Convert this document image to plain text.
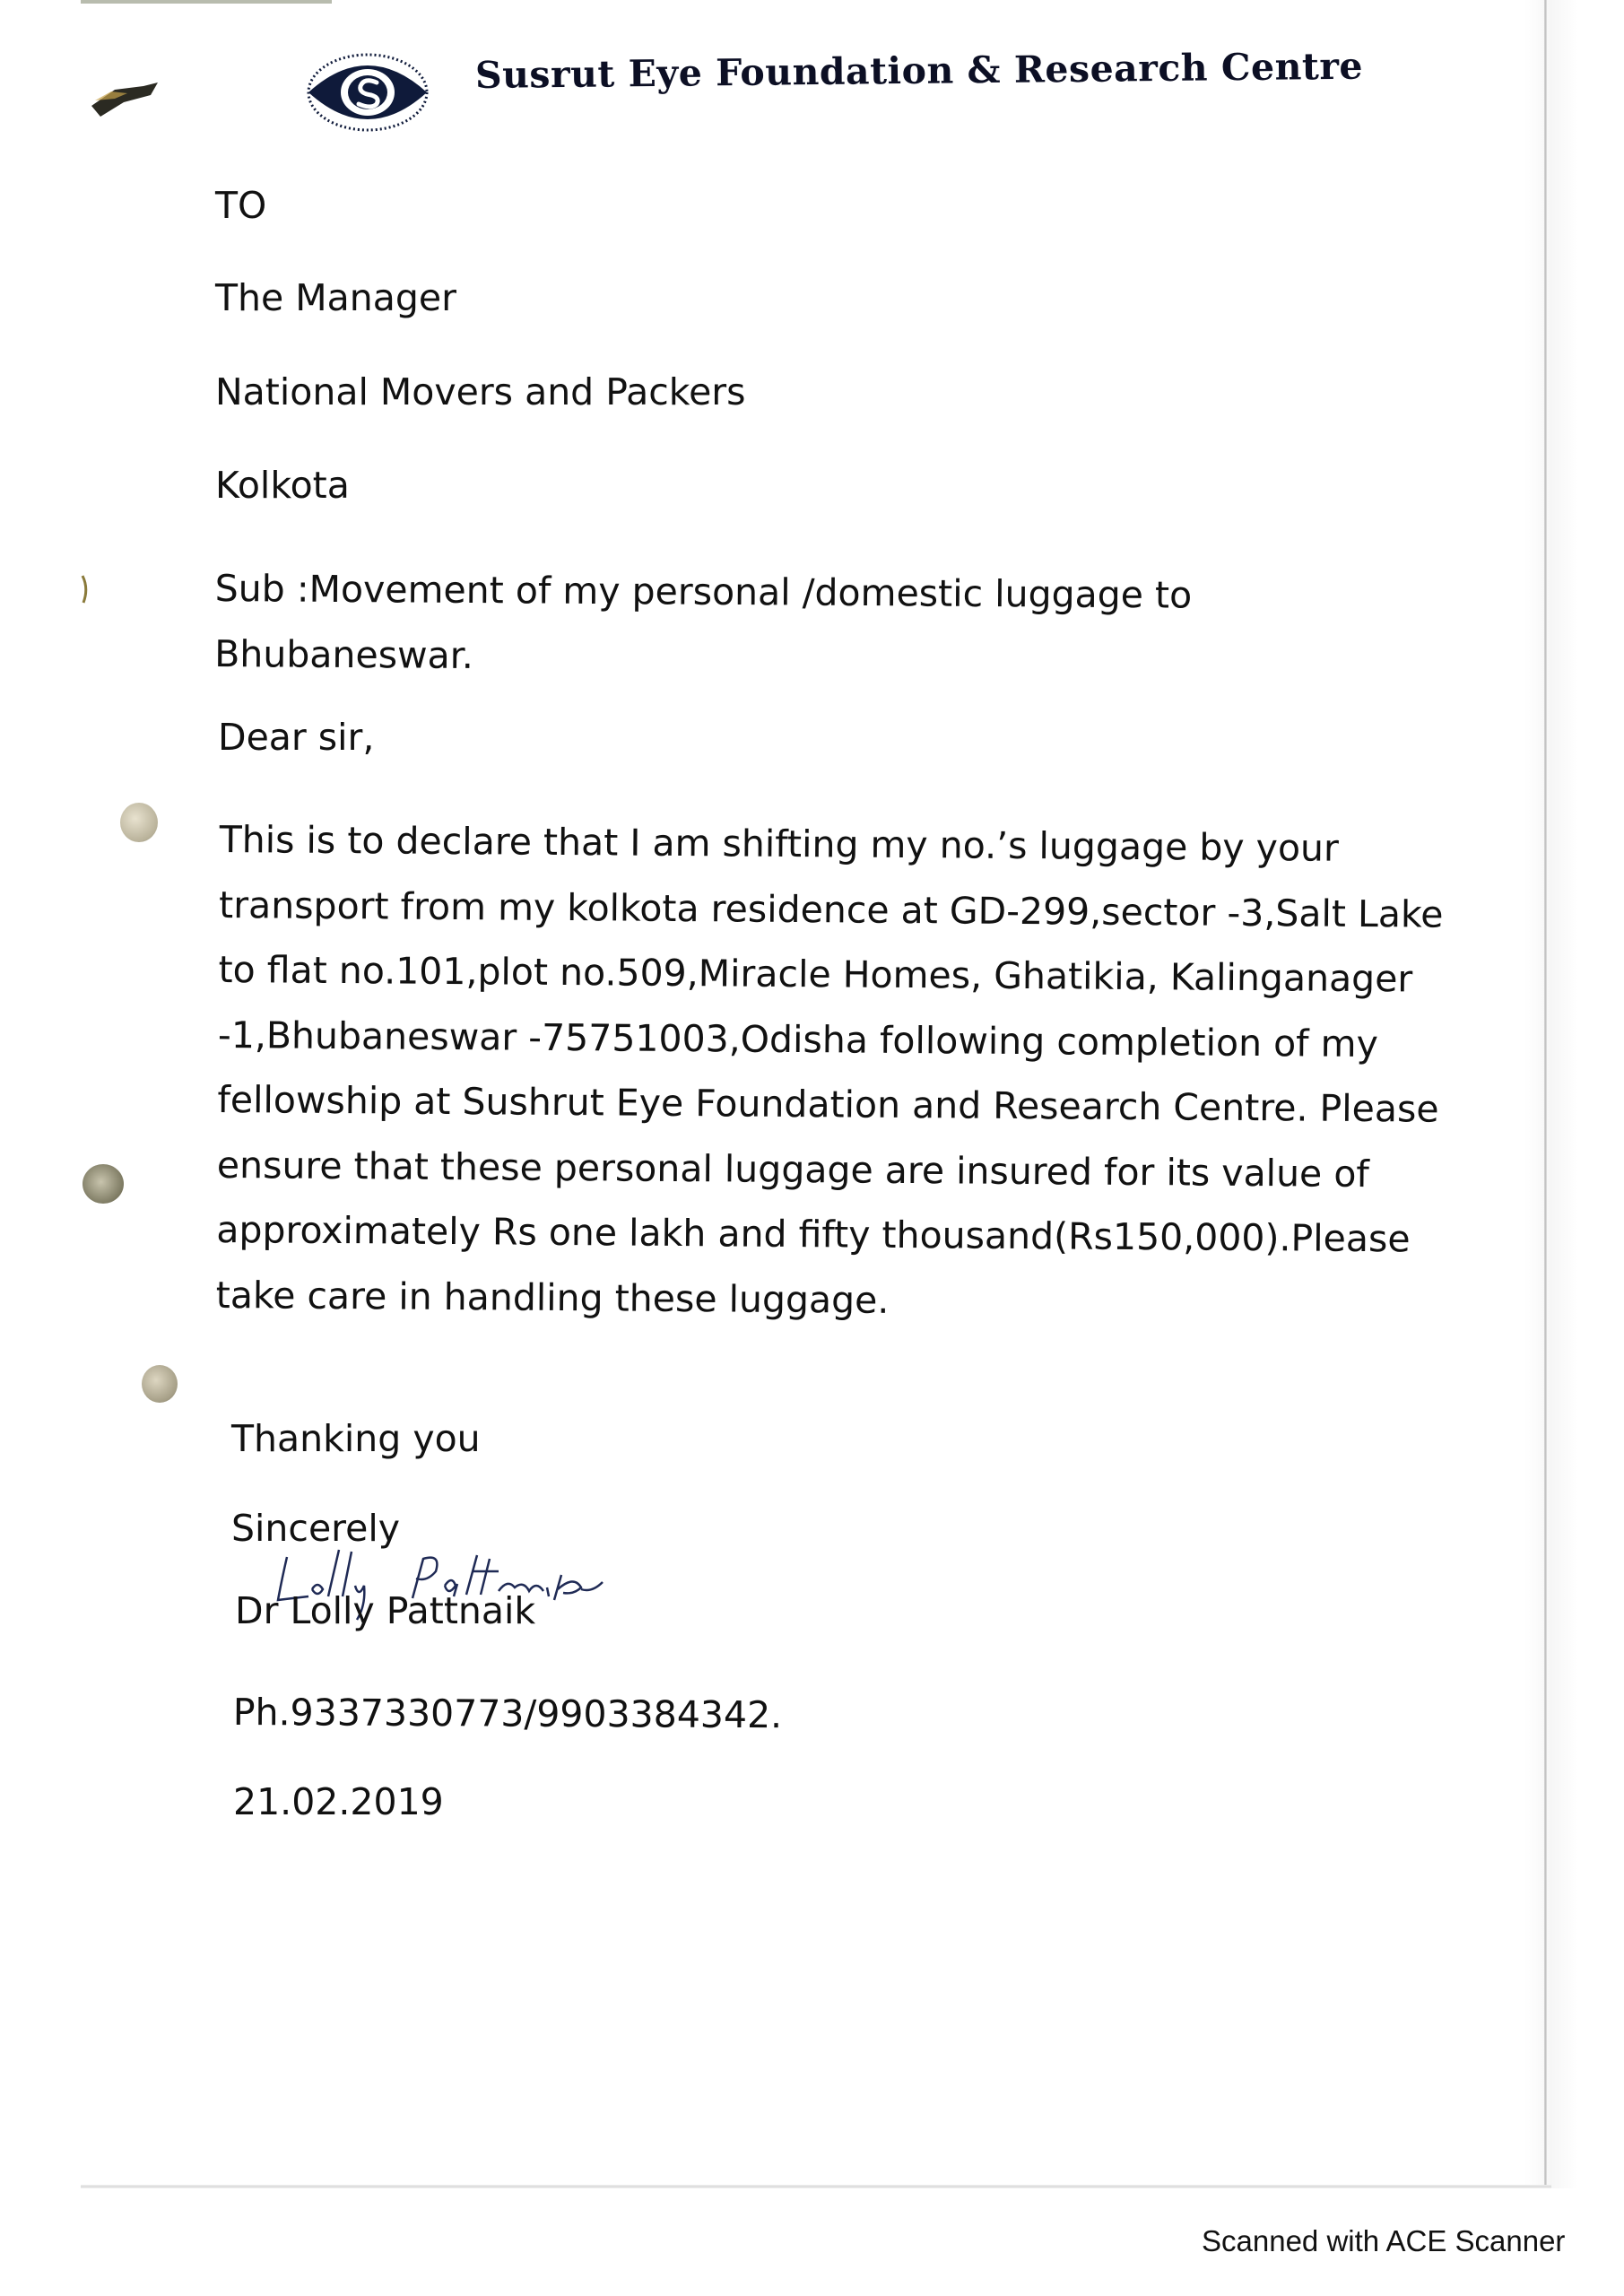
Susrut Eye Foundation & Research Centre
TO
The Manager
National Movers and Packers
Kolkota
Sub :Movement of my personal /domestic luggage to Bhubaneswar.
Dear sir,
This is to declare that I am shifting my no.’s luggage by your transport from my kolkota residence at GD-299,sector -3,Salt Lake to flat no.101,plot no.509,Miracle Homes, Ghatikia, Kalinganager -1,Bhubaneswar -75751003,Odisha following completion of my fellowship at Sushrut Eye Foundation and Research Centre. Please ensure that these personal luggage are insured for its value of approximately Rs one lakh and fifty thousand(Rs150,000).Please take care in handling these luggage.
Thanking you
Sincerely
Dr Lolly Pattnaik
Ph.9337330773/9903384342.
21.02.2019
Scanned with ACE Scanner
